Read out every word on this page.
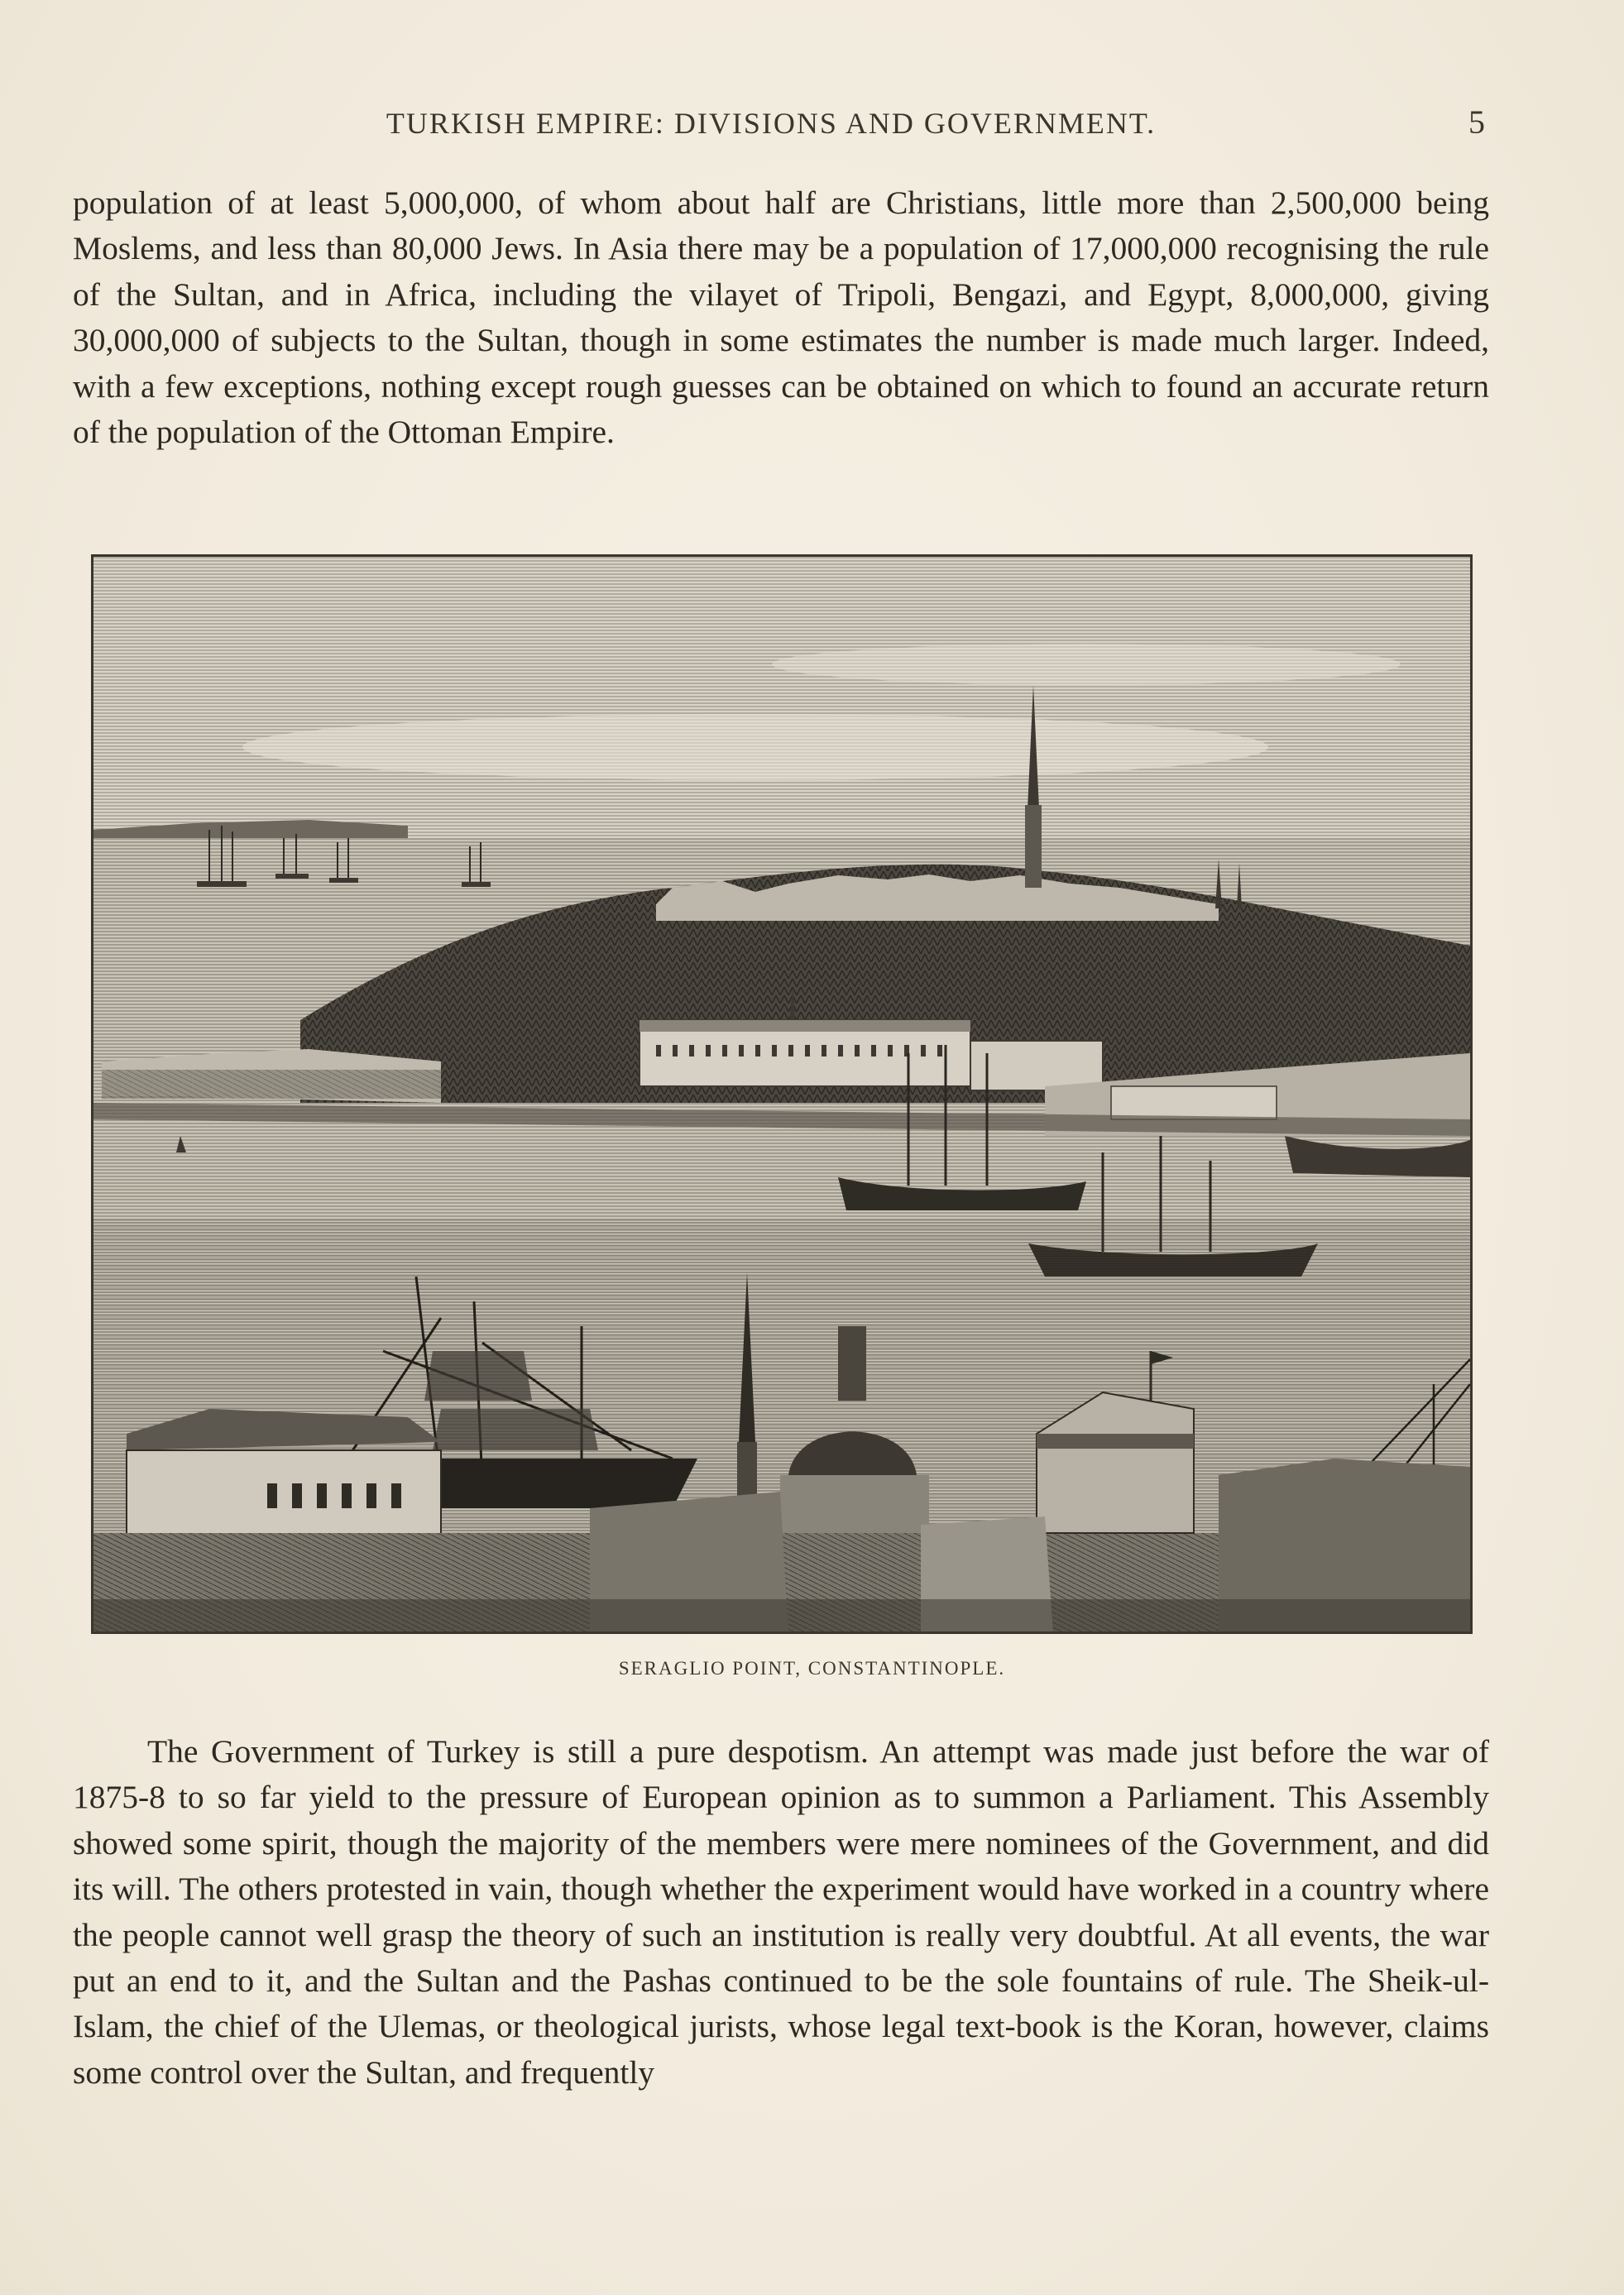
TURKISH EMPIRE: DIVISIONS AND GOVERNMENT.	5

population of at least 5,000,000, of whom about half are Christians, little more than 2,500,000 being Moslems, and less than 80,000 Jews. In Asia there may be a population of 17,000,000 recognising the rule of the Sultan, and in Africa, including the vilayet of Tripoli, Bengazi, and Egypt, 8,000,000, giving 30,000,000 of subjects to the Sultan, though in some estimates the number is made much larger. Indeed, with a few exceptions, nothing except rough guesses can be obtained on which to found an accurate return of the population of the Ottoman Empire.

SERAGLIO POINT, CONSTANTINOPLE.

The Government of Turkey is still a pure despotism. An attempt was made just before the war of 1875-8 to so far yield to the pressure of European opinion as to summon a Parliament. This Assembly showed some spirit, though the majority of the members were mere nominees of the Government, and did its will. The others protested in vain, though whether the experiment would have worked in a country where the people cannot well grasp the theory of such an institution is really very doubtful. At all events, the war put an end to it, and the Sultan and the Pashas continued to be the sole fountains of rule. The Sheik-ul-Islam, the chief of the Ulemas, or theological jurists, whose legal text-book is the Koran, however, claims some control over the Sultan, and frequently
